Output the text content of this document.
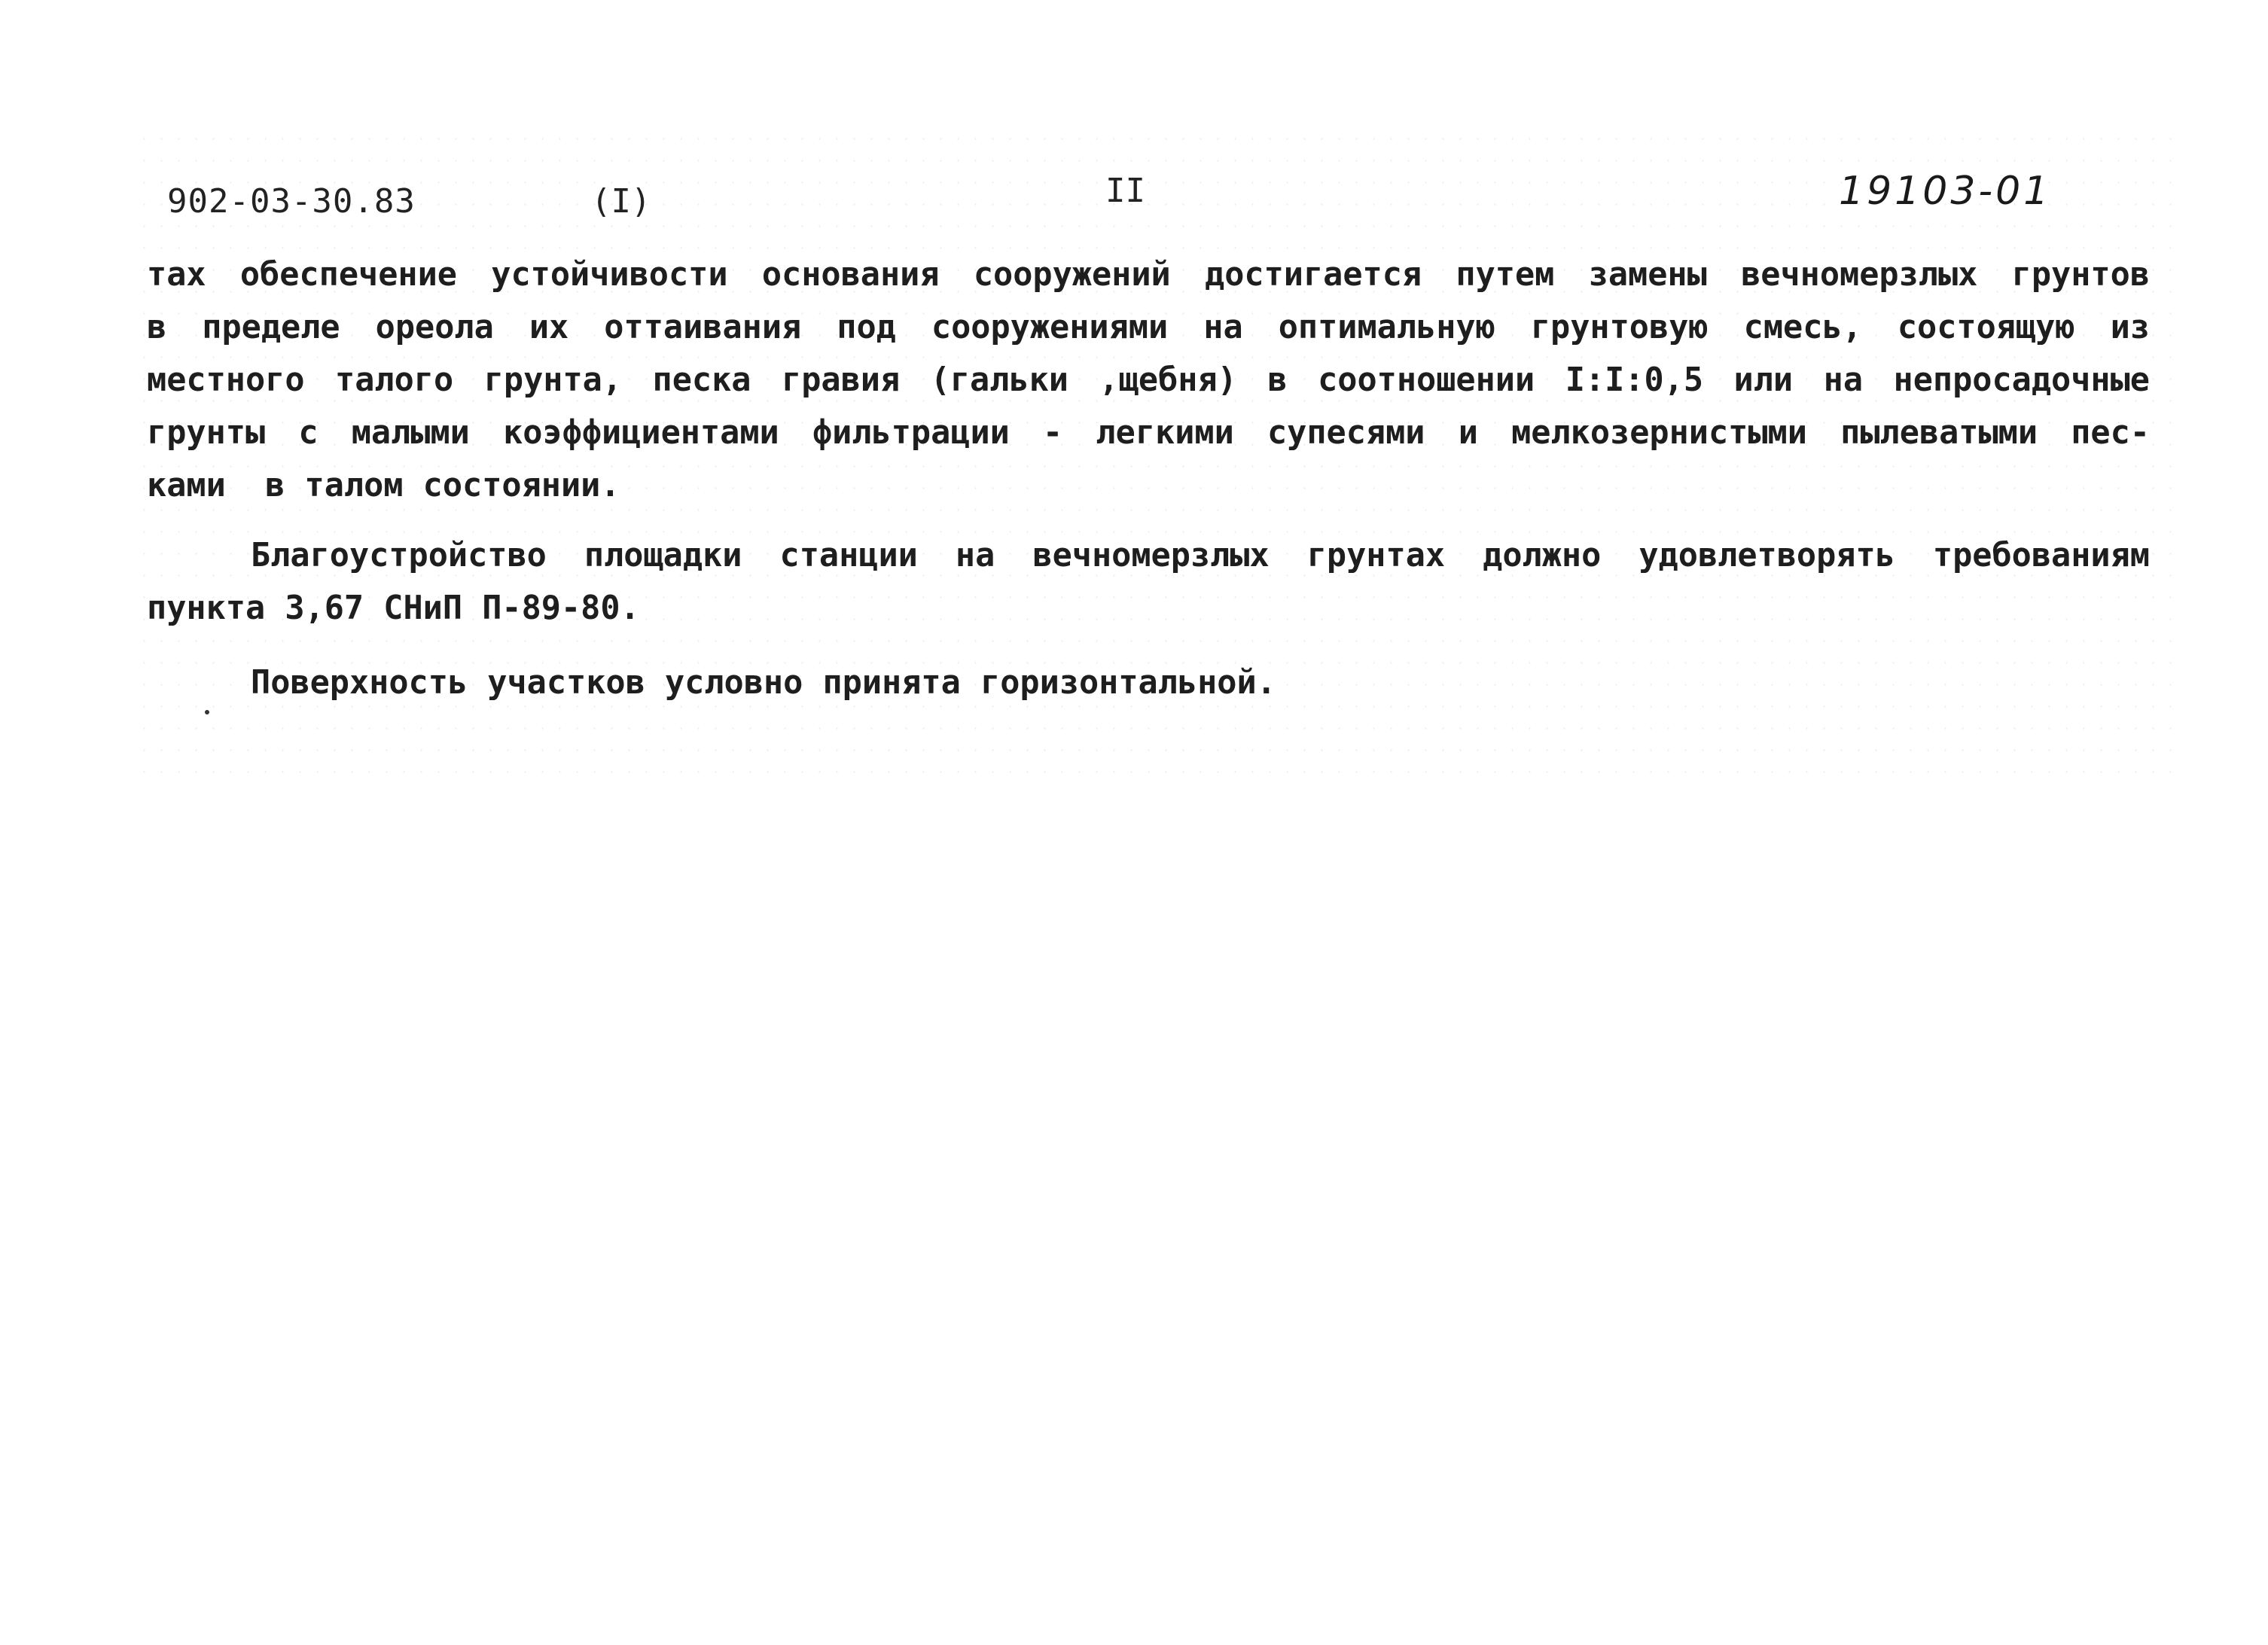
902-03-30.83	(I)	II	19103-01
тах обеспечение устойчивости основания сооружений достигается путем замены вечномерзлых грунтов
в пределе ореола их оттаивания под сооружениями на оптимальную грунтовую смесь, состоящую из
местного талого грунта, песка гравия (гальки ,щебня) в соотношении I:I:0,5 или на непросадочные
грунты с малыми коэффициентами фильтрации - легкими супесями и мелкозернистыми пылеватыми пес-
ками  в талом состоянии.
Благоустройство площадки станции на вечномерзлых грунтах должно удовлетворять требованиям
пункта 3,67 СНиП П-89-80.
Поверхность участков условно принята горизонтальной.
